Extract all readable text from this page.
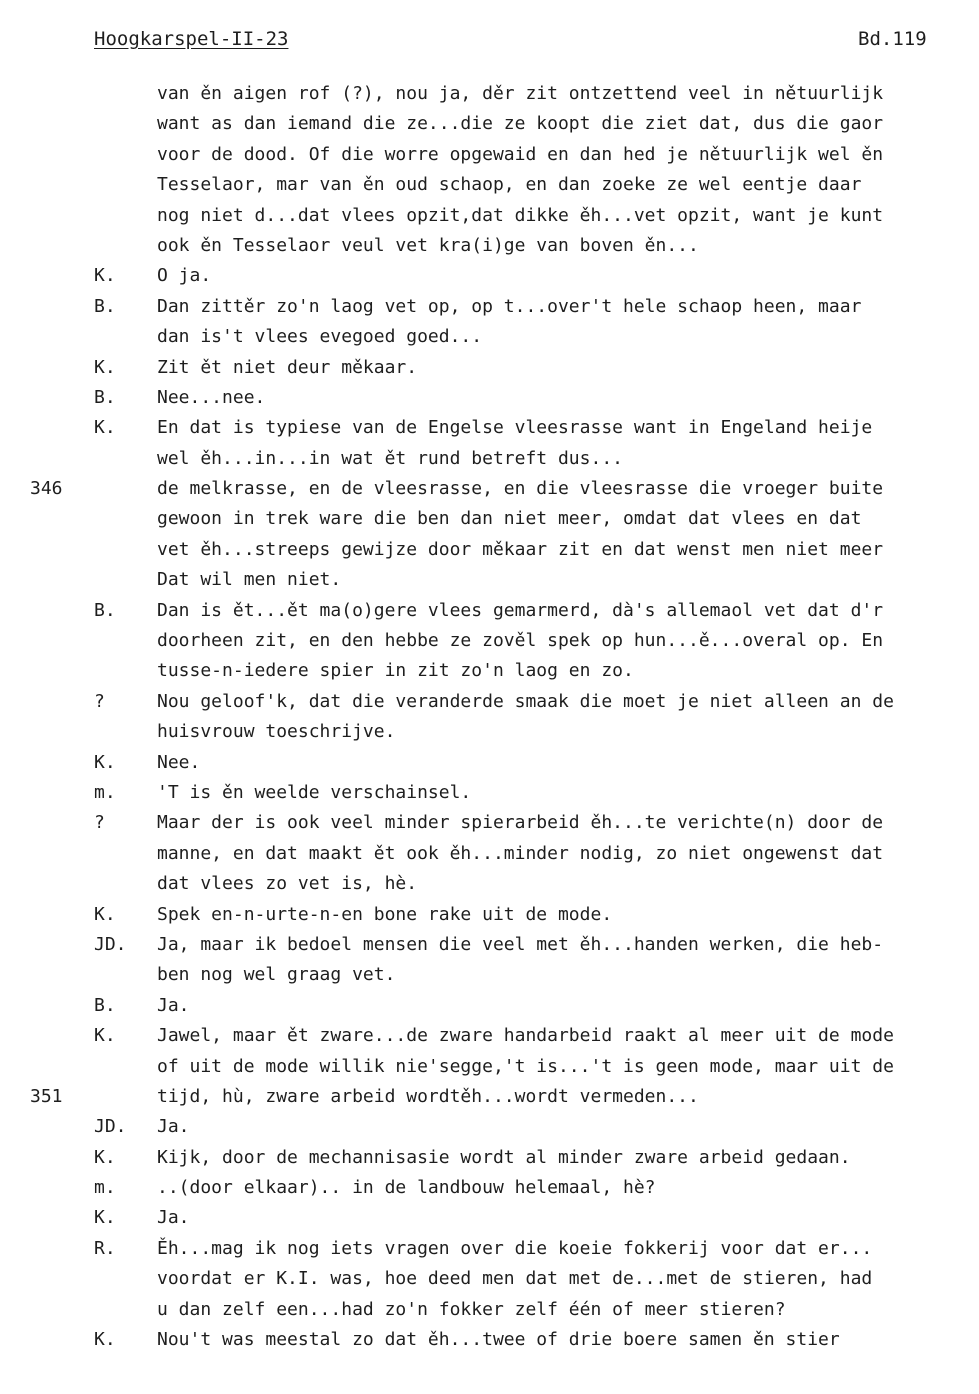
Hoogkarspel-II-23	Bd.119
van ěn aigen rof (?), nou ja, děr zit ontzettend veel in nětuurlijk
want as dan iemand die ze...die ze koopt die ziet dat, dus die gaor
voor de dood. Of die worre opgewaid en dan hed je nětuurlijk wel ěn
Tesselaor, mar van ěn oud schaop, en dan zoeke ze wel eentje daar
nog niet d...dat vlees opzit,dat dikke ěh...vet opzit, want je kunt
ook ěn Tesselaor veul vet kra(i)ge van boven ěn...
K. O ja.
B. Dan zittěr zo'n laog vet op, op t...over't hele schaop heen, maar
dan is't vlees evegoed goed...
K. Zit ět niet deur měkaar.
B. Nee...nee.
K. En dat is typiese van de Engelse vleesrasse want in Engeland heije
wel ěh...in...in wat ět rund betreft dus...
346	de melkrasse, en de vleesrasse, en die vleesrasse die vroeger buite
gewoon in trek ware die ben dan niet meer, omdat dat vlees en dat
vet ěh...streeps gewijze door měkaar zit en dat wenst men niet meer
Dat wil men niet.
B. Dan is ět...ět ma(o)gere vlees gemarmerd, dà's allemaol vet dat d'r
doorheen zit, en den hebbe ze zověl spek op hun...ě...overal op. En
tusse-n-iedere spier in zit zo'n laog en zo.
?	Nou geloof'k, dat die veranderde smaak die moet je niet alleen an de
huisvrouw toeschrijve.
K. Nee.
m. 'T is ěn weelde verschainsel.
?	Maar der is ook veel minder spierarbeid ěh...te verichte(n) door de
manne, en dat maakt ět ook ěh...minder nodig, zo niet ongewenst dat
dat vlees zo vet is, hè.
K. Spek en-n-urte-n-en bone rake uit de mode.
JD. Ja, maar ik bedoel mensen die veel met ěh...handen werken, die heb-
ben nog wel graag vet.
B. Ja.
K. Jawel, maar ět zware...de zware handarbeid raakt al meer uit de mode
of uit de mode willik nie'segge,'t is...'t is geen mode, maar uit de
351	tijd, hù, zware arbeid wordtěh...wordt vermeden...
JD. Ja.
K. Kijk, door de mechannisasie wordt al minder zware arbeid gedaan.
m. ..(door elkaar).. in de landbouw helemaal, hè?
K. Ja.
R. Ěh...mag ik nog iets vragen over die koeie fokkerij voor dat er...
voordat er K.I. was, hoe deed men dat met de...met de stieren, had
u dan zelf een...had zo'n fokker zelf één of meer stieren?
K. Nou't was meestal zo dat ěh...twee of drie boere samen ěn stier
